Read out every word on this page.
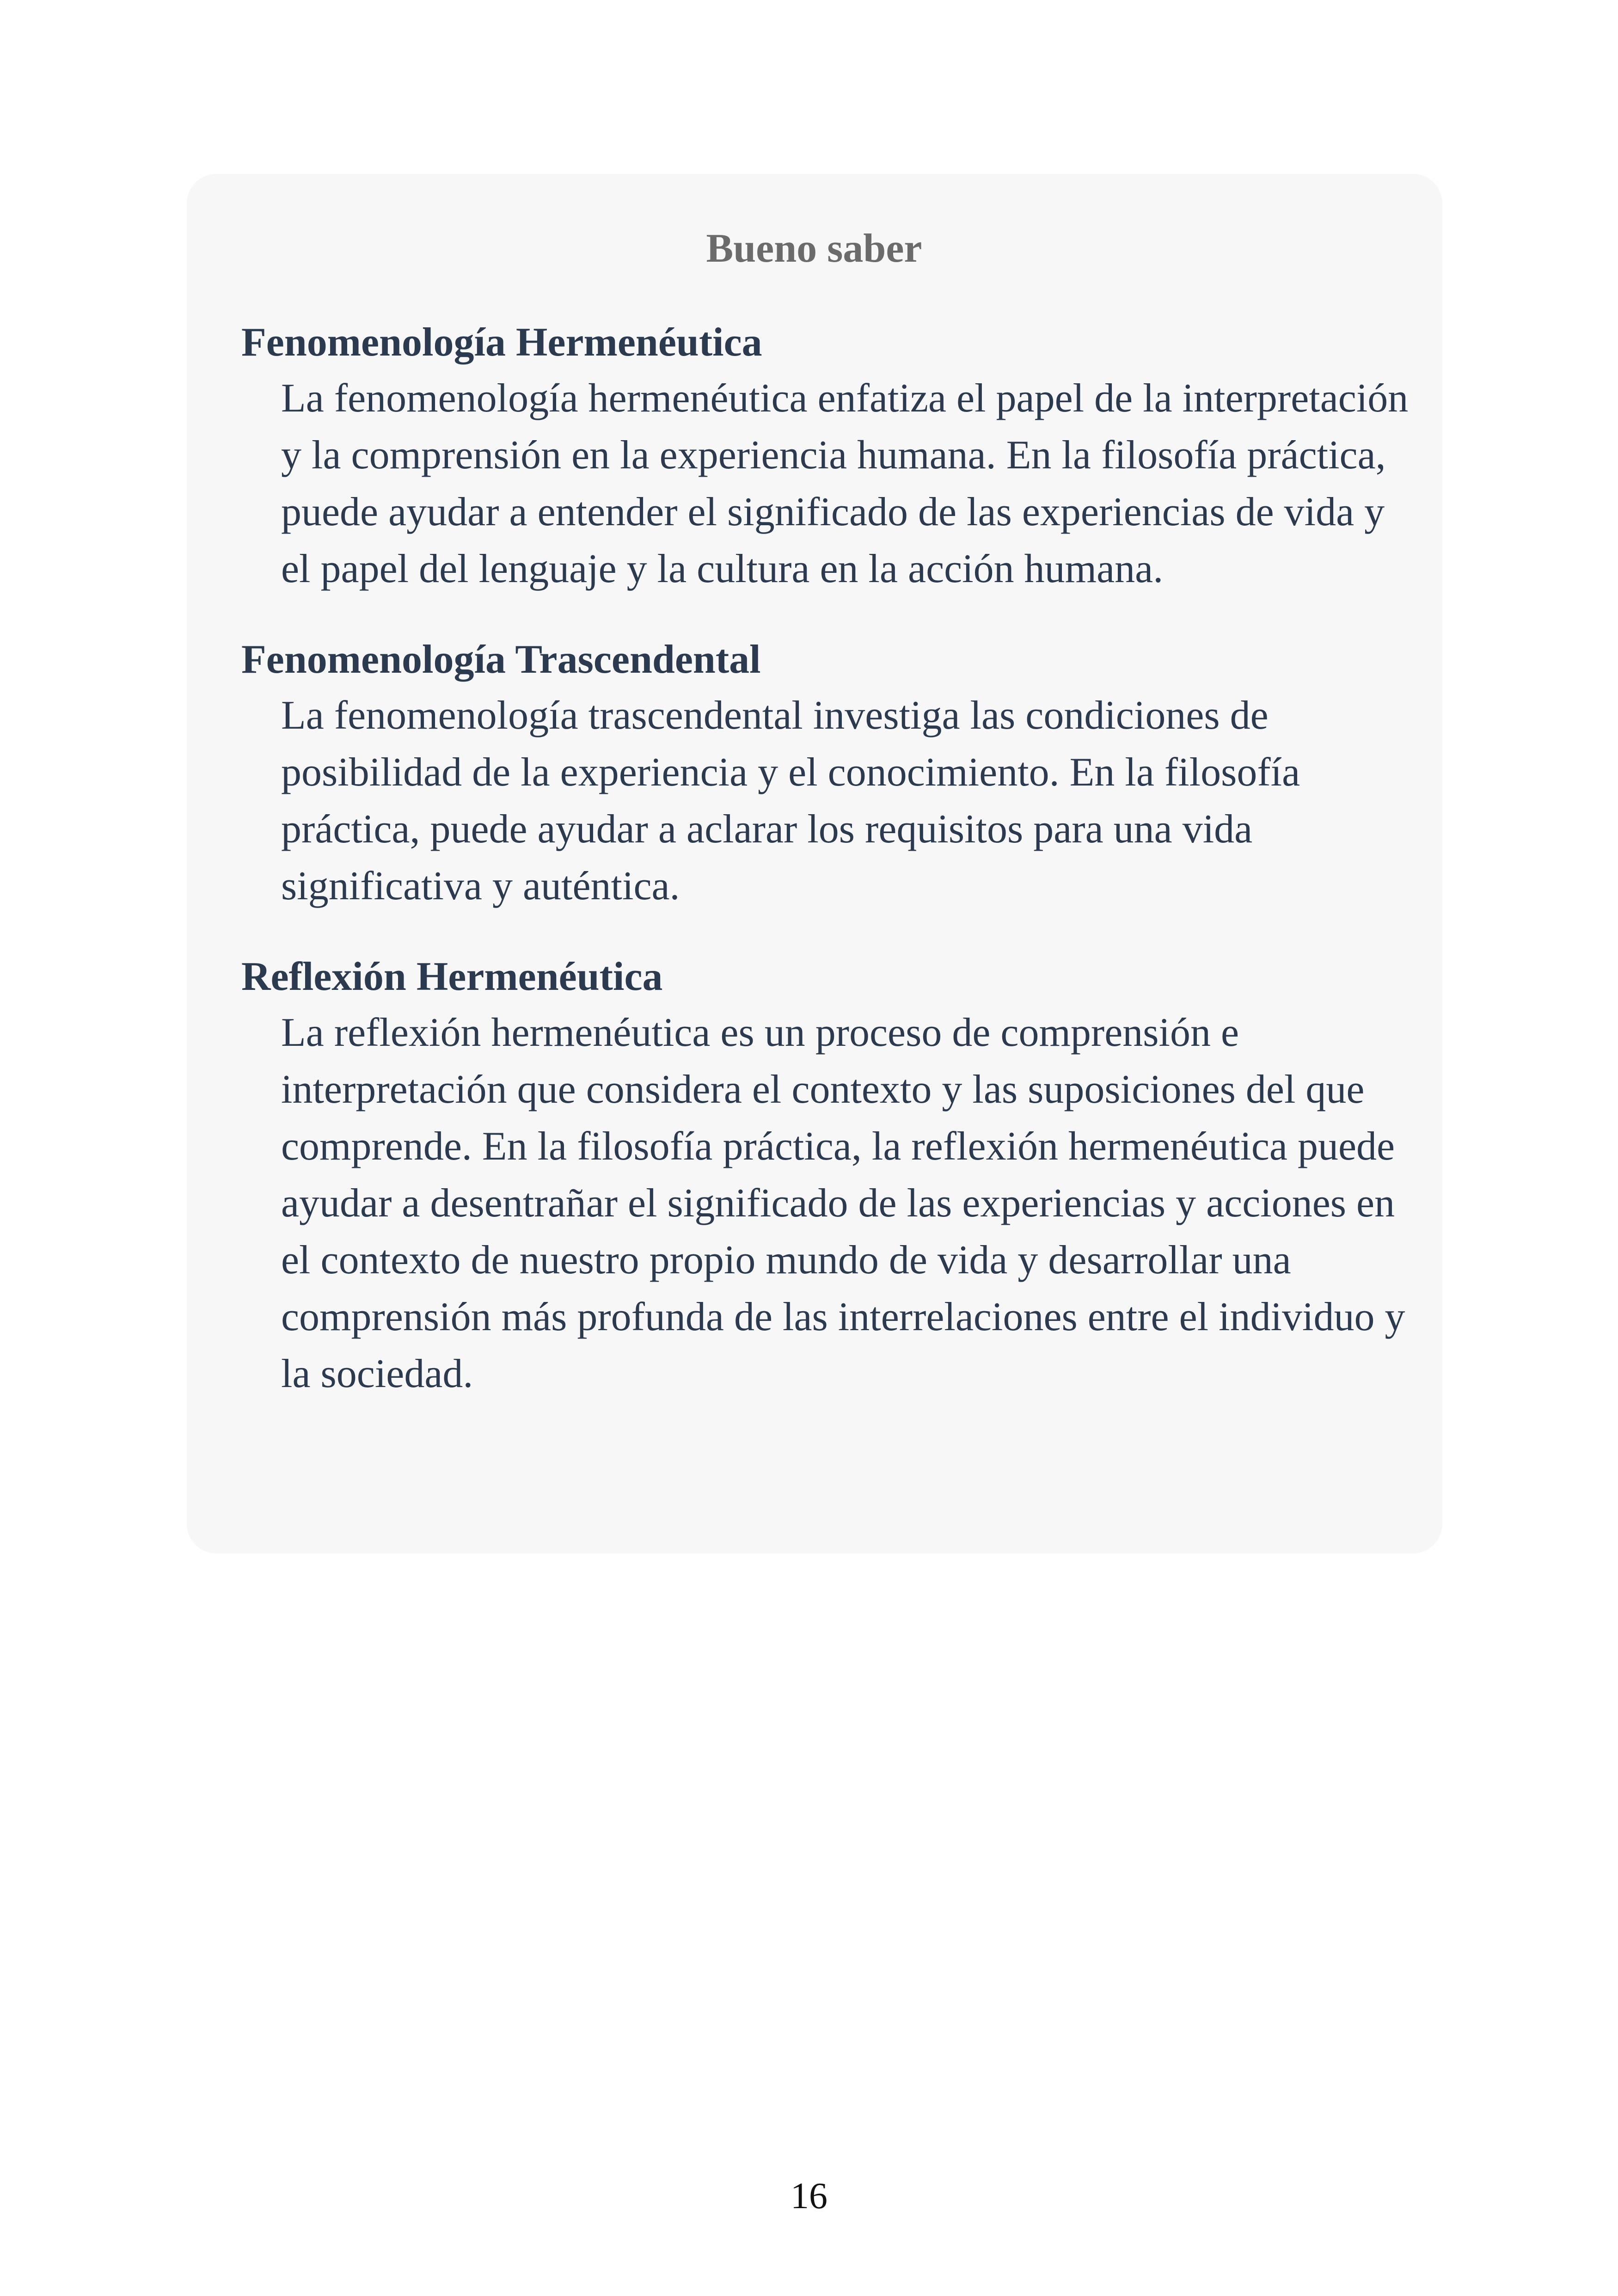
Bueno saber
Fenomenología Hermenéutica
La fenomenología hermenéutica enfatiza el papel de la interpretación y la comprensión en la experiencia humana. En la filosofía práctica, puede ayudar a entender el significado de las experiencias de vida y el papel del lenguaje y la cultura en la acción humana.
Fenomenología Trascendental
La fenomenología trascendental investiga las condiciones de posibilidad de la experiencia y el conocimiento. En la filosofía práctica, puede ayudar a aclarar los requisitos para una vida significativa y auténtica.
Reflexión Hermenéutica
La reflexión hermenéutica es un proceso de comprensión e interpretación que considera el contexto y las suposiciones del que comprende. En la filosofía práctica, la reflexión hermenéutica puede ayudar a desentrañar el significado de las experiencias y acciones en el contexto de nuestro propio mundo de vida y desarrollar una comprensión más profunda de las interrelaciones entre el individuo y la sociedad.
16
